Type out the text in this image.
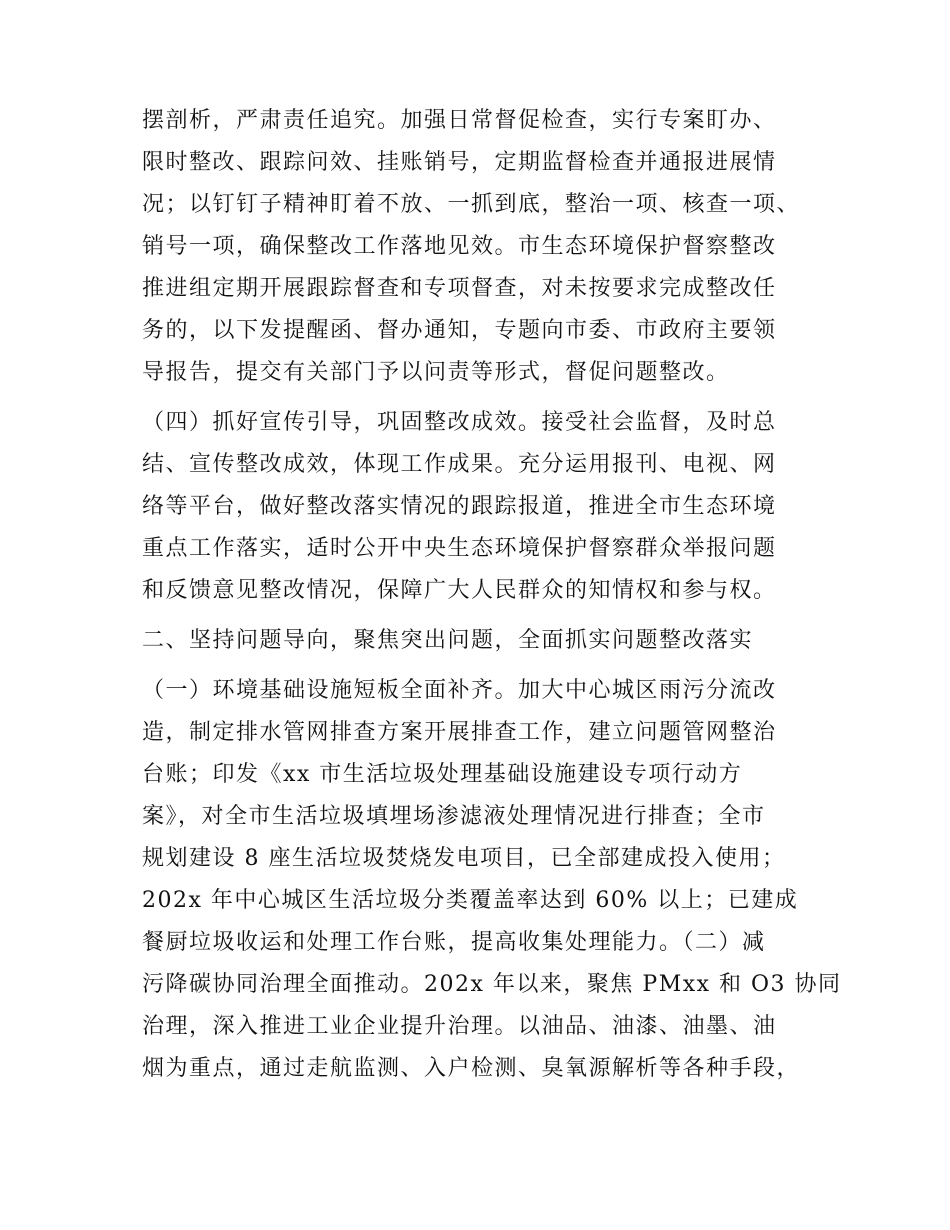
摆剖析，严肃责任追究。加强日常督促检查，实行专案盯办、
限时整改、跟踪问效、挂账销号，定期监督检查并通报进展情
况；以钉钉子精神盯着不放、一抓到底，整治一项、核查一项、
销号一项，确保整改工作落地见效。市生态环境保护督察整改
推进组定期开展跟踪督查和专项督查，对未按要求完成整改任
务的，以下发提醒函、督办通知，专题向市委、市政府主要领
导报告，提交有关部门予以问责等形式，督促问题整改。
（四）抓好宣传引导，巩固整改成效。接受社会监督，及时总
结、宣传整改成效，体现工作成果。充分运用报刊、电视、网
络等平台，做好整改落实情况的跟踪报道，推进全市生态环境
重点工作落实，适时公开中央生态环境保护督察群众举报问题
和反馈意见整改情况，保障广大人民群众的知情权和参与权。
二、坚持问题导向，聚焦突出问题，全面抓实问题整改落实
（一）环境基础设施短板全面补齐。加大中心城区雨污分流改
造，制定排水管网排查方案开展排查工作，建立问题管网整治
台账；印发《xx 市生活垃圾处理基础设施建设专项行动方
案》，对全市生活垃圾填埋场渗滤液处理情况进行排查；全市
规划建设 8 座生活垃圾焚烧发电项目，已全部建成投入使用；
202x 年中心城区生活垃圾分类覆盖率达到 60% 以上；已建成
餐厨垃圾收运和处理工作台账，提高收集处理能力。（二）减
污降碳协同治理全面推动。202x 年以来，聚焦 PMxx 和 O3 协同
治理，深入推进工业企业提升治理。以油品、油漆、油墨、油
烟为重点，通过走航监测、入户检测、臭氧源解析等各种手段，
